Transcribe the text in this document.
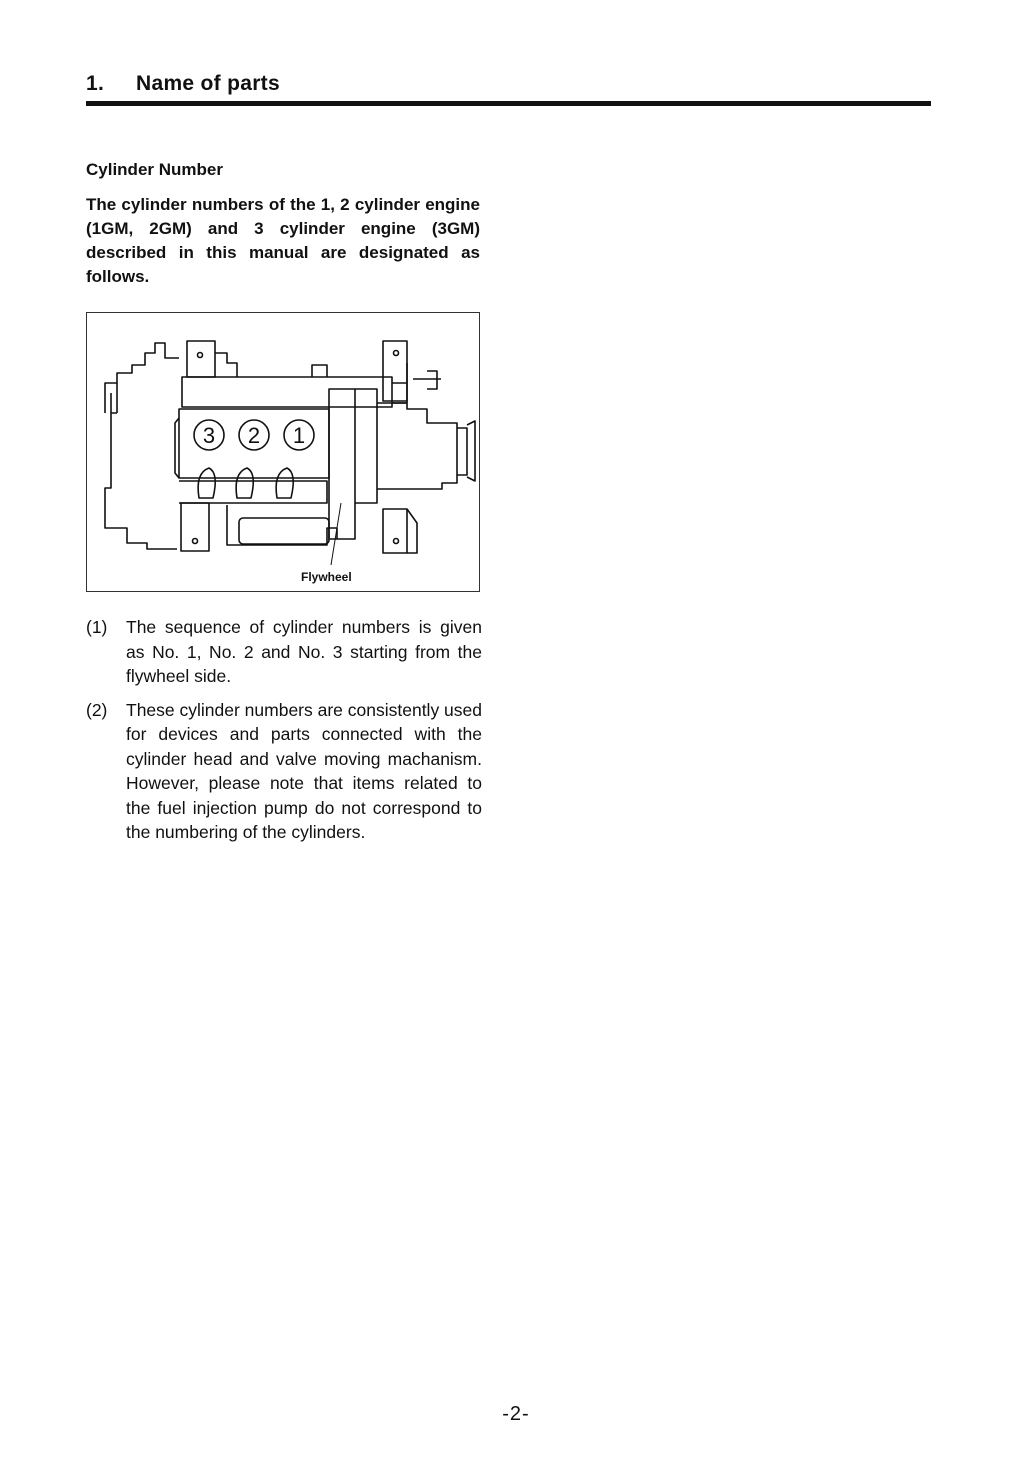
1.	Name of parts
Cylinder Number
The cylinder numbers of the 1, 2 cylinder engine (1GM, 2GM) and 3 cylinder engine (3GM) described in this manual are designated as follows.
3 2 1
Flywheel
(1)	The sequence of cylinder numbers is given as No. 1, No. 2 and No. 3 starting from the flywheel side.
(2)	These cylinder numbers are consistently used for devices and parts connected with the cylinder head and valve moving machanism. However, please note that items related to the fuel injection pump do not correspond to the numbering of the cylinders.
-2-
